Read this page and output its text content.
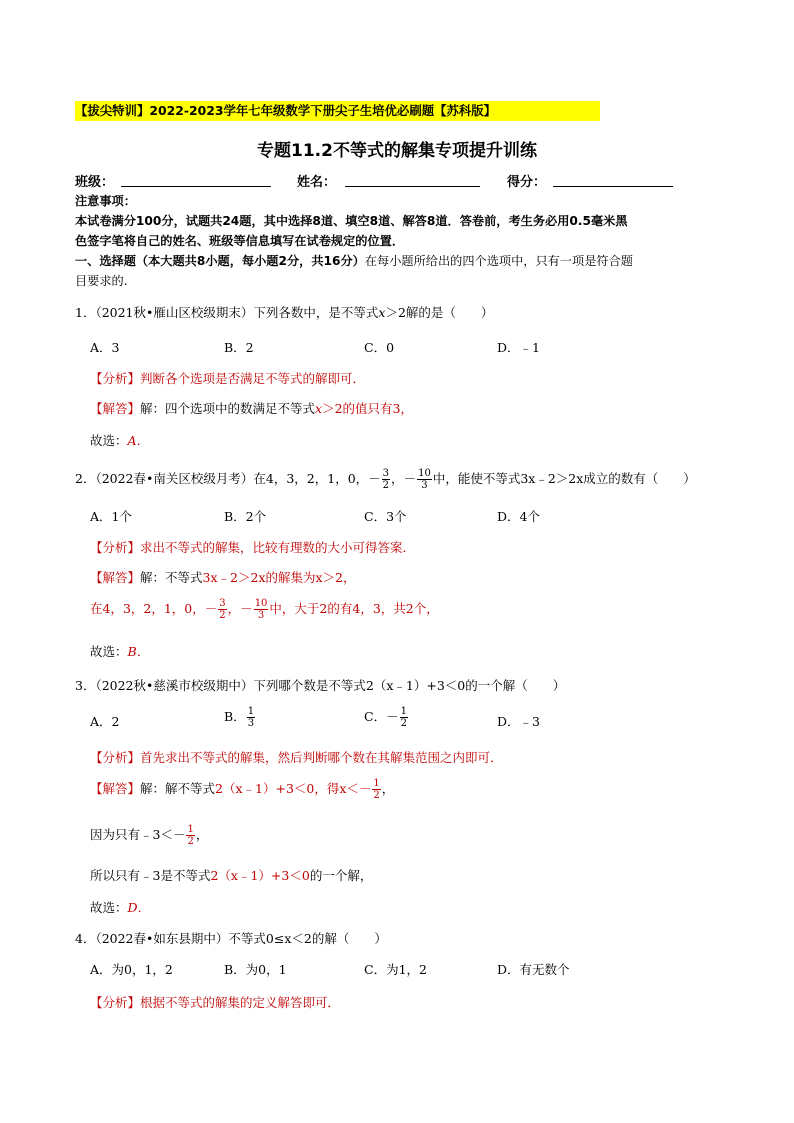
【拔尖特训】2022-2023学年七年级数学下册尖子生培优必刷题【苏科版】
专题11.2不等式的解集专项提升训练
班级：	姓名：	得分：
注意事项：
本试卷满分100分，试题共24题，其中选择8道、填空8道、解答8道．答卷前，考生务必用0.5毫米黑
色签字笔将自己的姓名、班级等信息填写在试卷规定的位置．
一、选择题（本大题共8小题，每小题2分，共16分）在每小题所给出的四个选项中，只有一项是符合题
目要求的.
1．（2021秋•雁山区校级期末）下列各数中，是不等式x＞2解的是（　　）
A．3	B．2	C．0	D．﹣1
【分析】判断各个选项是否满足不等式的解即可．
【解答】解：四个选项中的数满足不等式x＞2的值只有3，
故选：A．
2．（2022春•南关区校级月考）在4，3，2，1，0，－ $\frac{3}{2}$ ，－ $\frac{10}{3}$ 中，能使不等式3x﹣2＞2x成立的数有（　　）
A．1个	B．2个	C．3个	D．4个
【分析】求出不等式的解集，比较有理数的大小可得答案．
【解答】解：不等式3x﹣2＞2x的解集为x＞2，
在4，3，2，1，0，－ $\frac{3}{2}$ ，－ $\frac{10}{3}$ 中，大于2的有4，3，共2个，
故选：B．
3．（2022秋•慈溪市校级期中）下列哪个数是不等式2（x﹣1）+3＜0的一个解（　　）
A．2	B． $\frac{1}{3}$	C．－ $\frac{1}{2}$	D．﹣3
【分析】首先求出不等式的解集，然后判断哪个数在其解集范围之内即可．
【解答】解：解不等式2（x﹣1）+3＜0，得$x<- \frac{1}{2}$ ，
因为只有﹣3＜－ $\frac{1}{2}$ ，
所以只有﹣3是不等式2（x﹣1）+3＜0的一个解，
故选：D．
4．（2022春•如东县期中）不等式0≤x＜2的解（　　）
A．为0，1，2	B．为0，1	C．为1，2	D．有无数个
【分析】根据不等式的解集的定义解答即可．
